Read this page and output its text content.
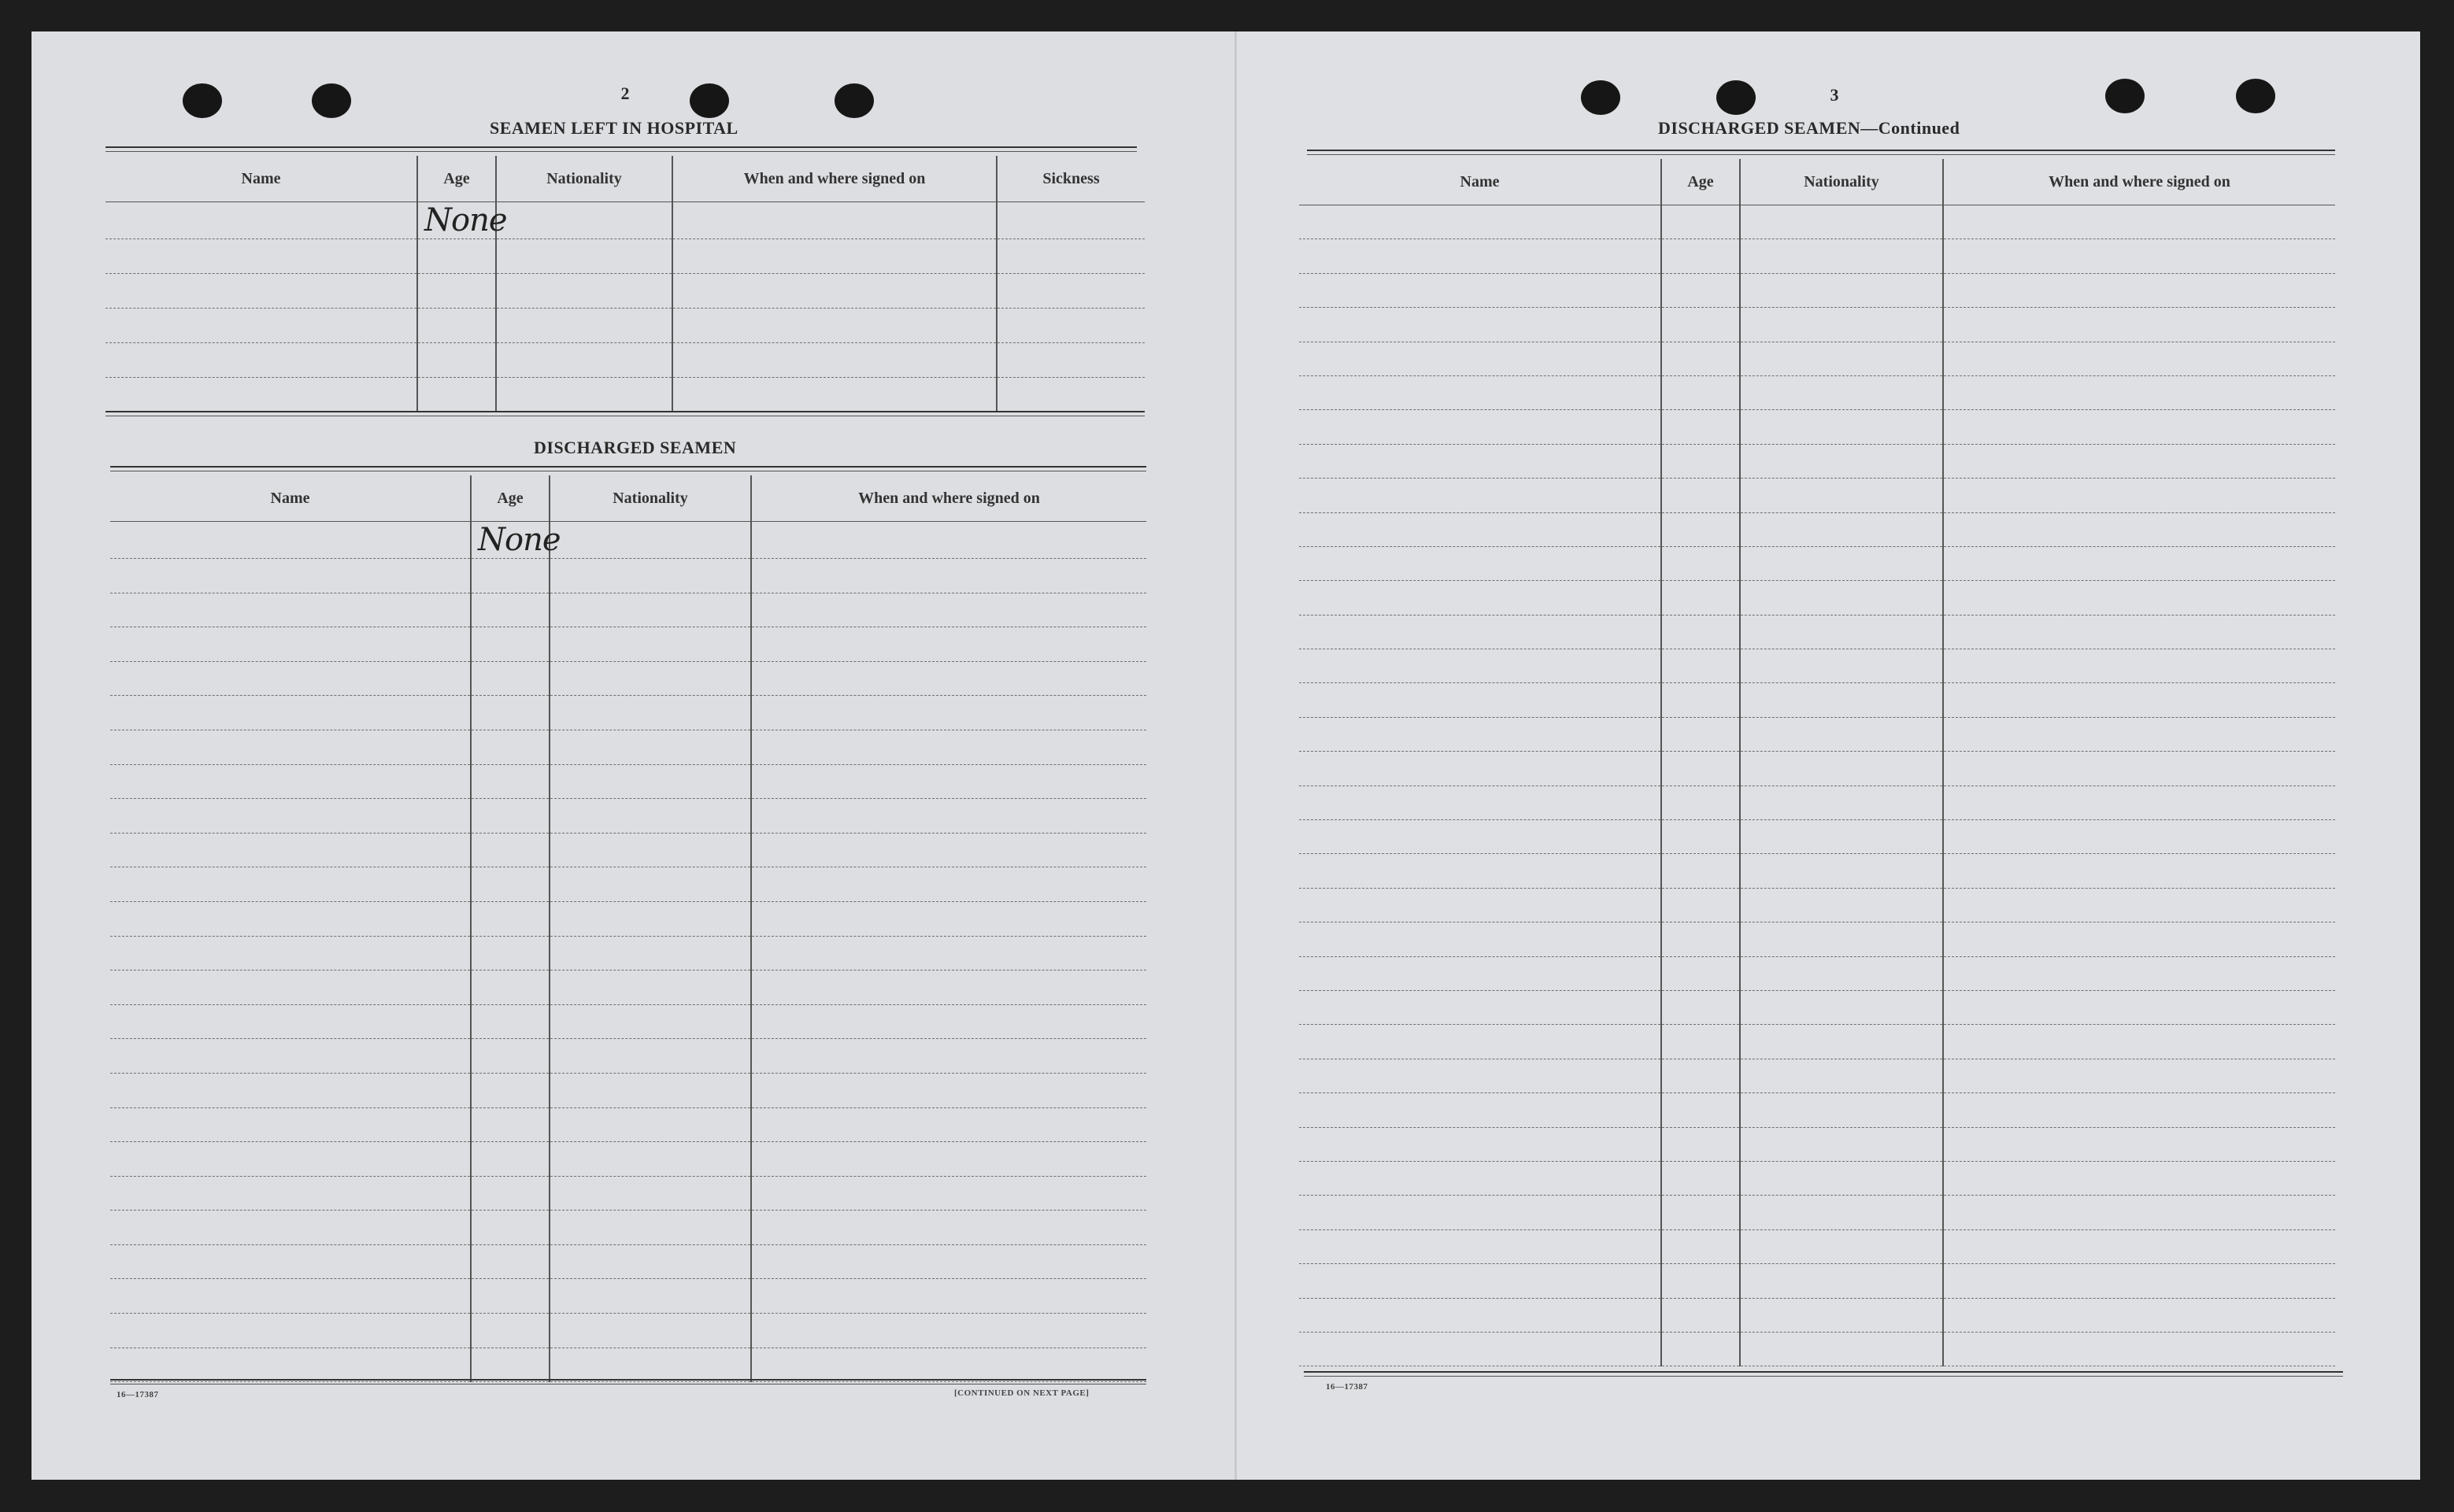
2
SEAMEN LEFT IN HOSPITAL
Name	Age	Nationality	When and where signed on	Sickness
	None			

DISCHARGED SEAMEN
Name	Age	Nationality	When and where signed on
	None		

16—17387	[CONTINUED ON NEXT PAGE]
3
DISCHARGED SEAMEN—Continued
Name	Age	Nationality	When and where signed on

16—17387
